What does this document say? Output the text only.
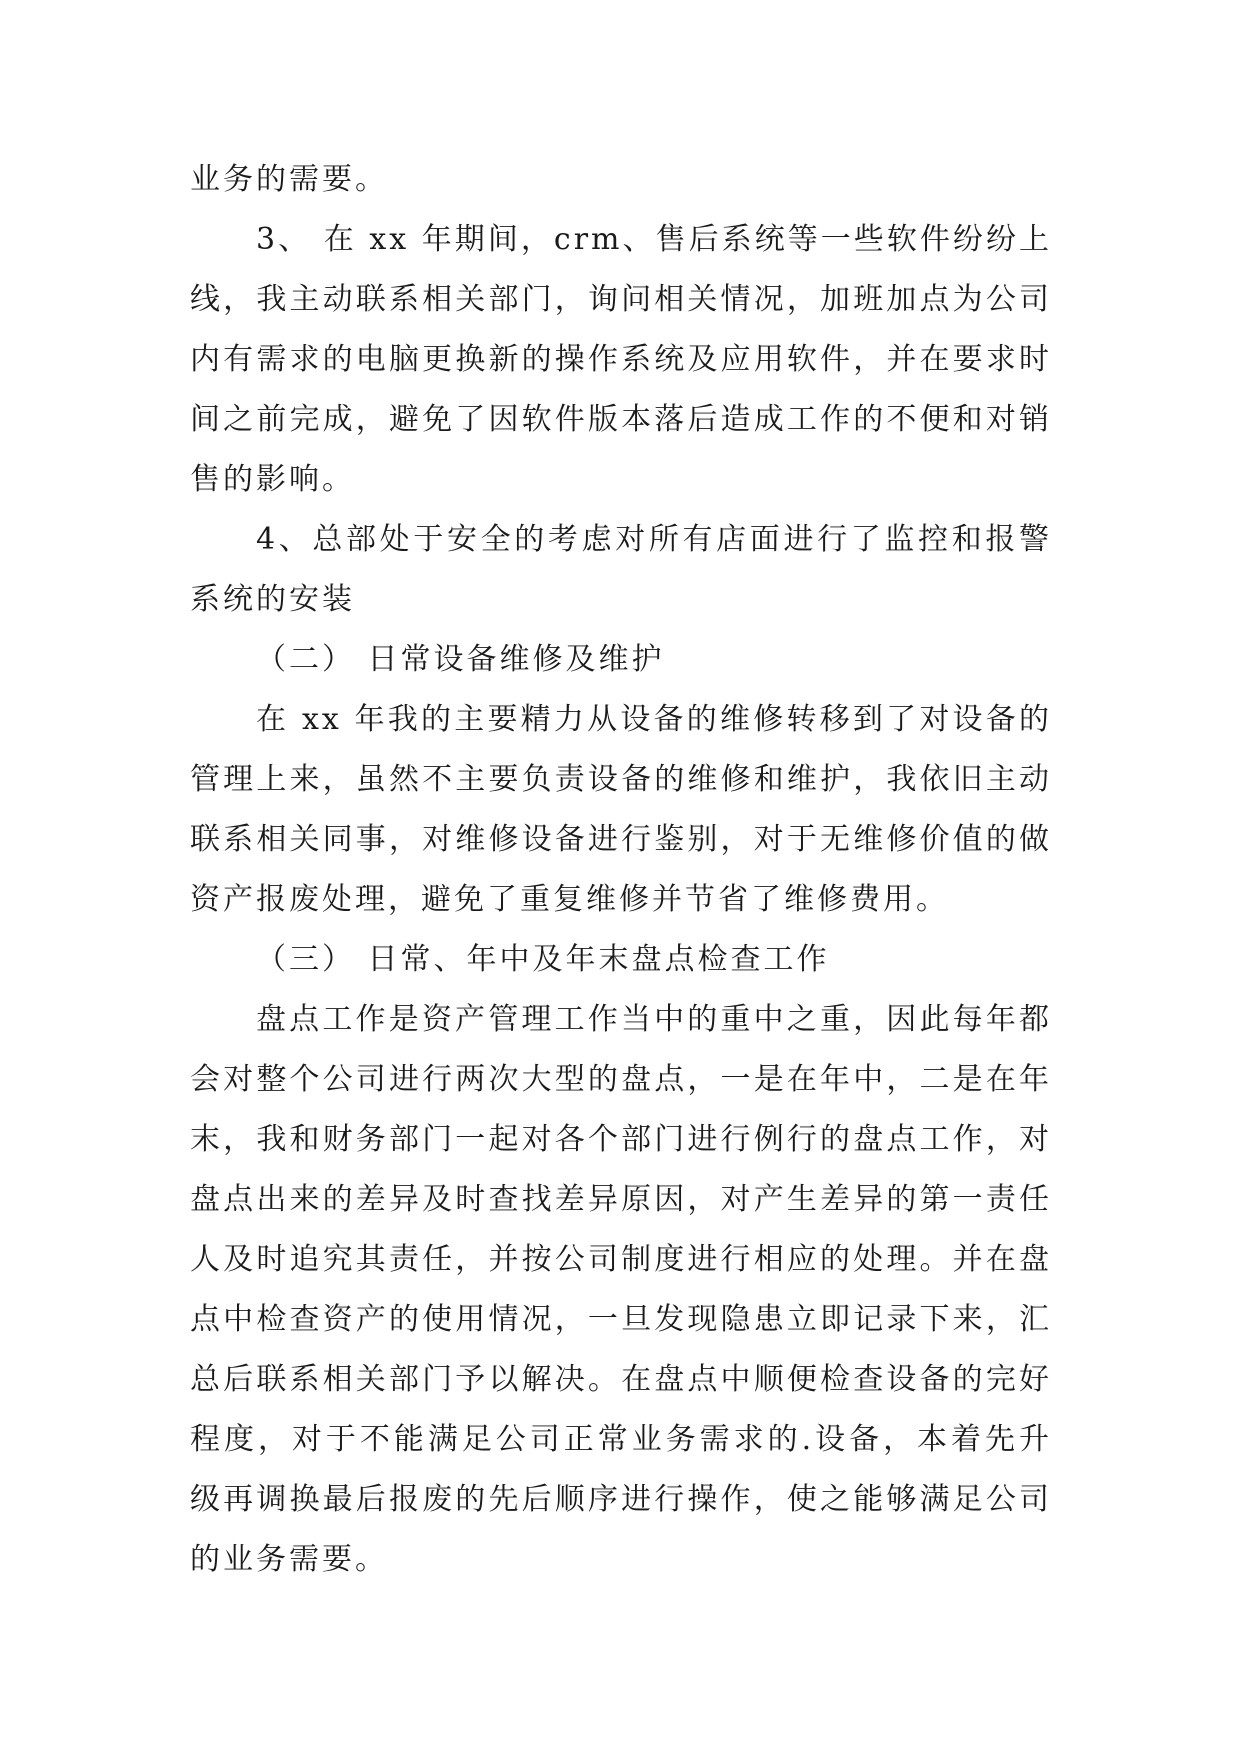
业务的需要。

3、 在 xx 年期间，crm、售后系统等一些软件纷纷上线，我主动联系相关部门，询问相关情况，加班加点为公司内有需求的电脑更换新的操作系统及应用软件，并在要求时间之前完成，避免了因软件版本落后造成工作的不便和对销售的影响。

4、总部处于安全的考虑对所有店面进行了监控和报警系统的安装

（二） 日常设备维修及维护

在 xx 年我的主要精力从设备的维修转移到了对设备的管理上来，虽然不主要负责设备的维修和维护，我依旧主动联系相关同事，对维修设备进行鉴别，对于无维修价值的做资产报废处理，避免了重复维修并节省了维修费用。

（三） 日常、年中及年末盘点检查工作

盘点工作是资产管理工作当中的重中之重，因此每年都会对整个公司进行两次大型的盘点，一是在年中，二是在年末，我和财务部门一起对各个部门进行例行的盘点工作，对盘点出来的差异及时查找差异原因，对产生差异的第一责任人及时追究其责任，并按公司制度进行相应的处理。并在盘点中检查资产的使用情况，一旦发现隐患立即记录下来，汇总后联系相关部门予以解决。在盘点中顺便检查设备的完好程度，对于不能满足公司正常业务需求的.设备，本着先升级再调换最后报废的先后顺序进行操作，使之能够满足公司的业务需要。
